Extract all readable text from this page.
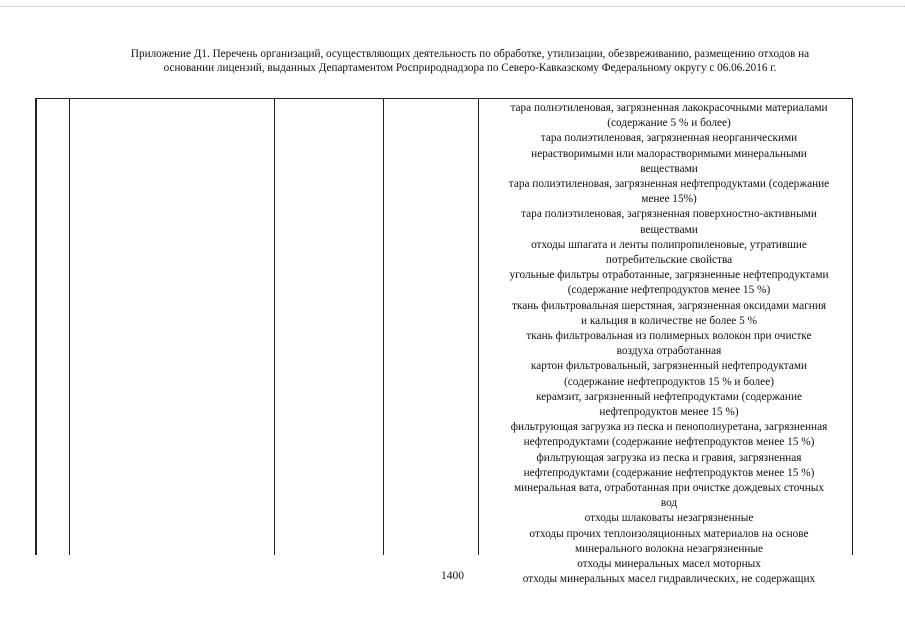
Приложение Д1. Перечень организаций, осуществляющих деятельность по обработке, утилизации, обезвреживанию, размещению отходов на
основании лицензий, выданных Департаментом Росприроднадзора по Северо-Кавказскому Федеральному округу с 06.06.2016 г.
тара полиэтиленовая, загрязненная лакокрасочными материалами
(содержание 5 % и более)
тара полиэтиленовая, загрязненная неорганическими
нерастворимыми или малорастворимыми минеральными
веществами
тара полиэтиленовая, загрязненная нефтепродуктами (содержание
менее 15%)
тара полиэтиленовая, загрязненная поверхностно-активными
веществами
отходы шпагата и ленты полипропиленовые, утратившие
потребительские свойства
угольные фильтры отработанные, загрязненные нефтепродуктами
(содержание нефтепродуктов менее 15 %)
ткань фильтровальная шерстяная, загрязненная оксидами магния
и кальция в количестве не более 5 %
ткань фильтровальная из полимерных волокон при очистке
воздуха отработанная
картон фильтровальный, загрязненный нефтепродуктами
(содержание нефтепродуктов 15 % и более)
керамзит, загрязненный нефтепродуктами (содержание
нефтепродуктов менее 15 %)
фильтрующая загрузка из песка и пенополиуретана, загрязненная
нефтепродуктами (содержание нефтепродуктов менее 15 %)
фильтрующая загрузка из песка и гравия, загрязненная
нефтепродуктами (содержание нефтепродуктов менее 15 %)
минеральная вата, отработанная при очистке дождевых сточных
вод
отходы шлаковаты незагрязненные
отходы прочих теплоизоляционных материалов на основе
минерального волокна незагрязненные
отходы минеральных масел моторных
отходы минеральных масел гидравлических, не содержащих
1400
